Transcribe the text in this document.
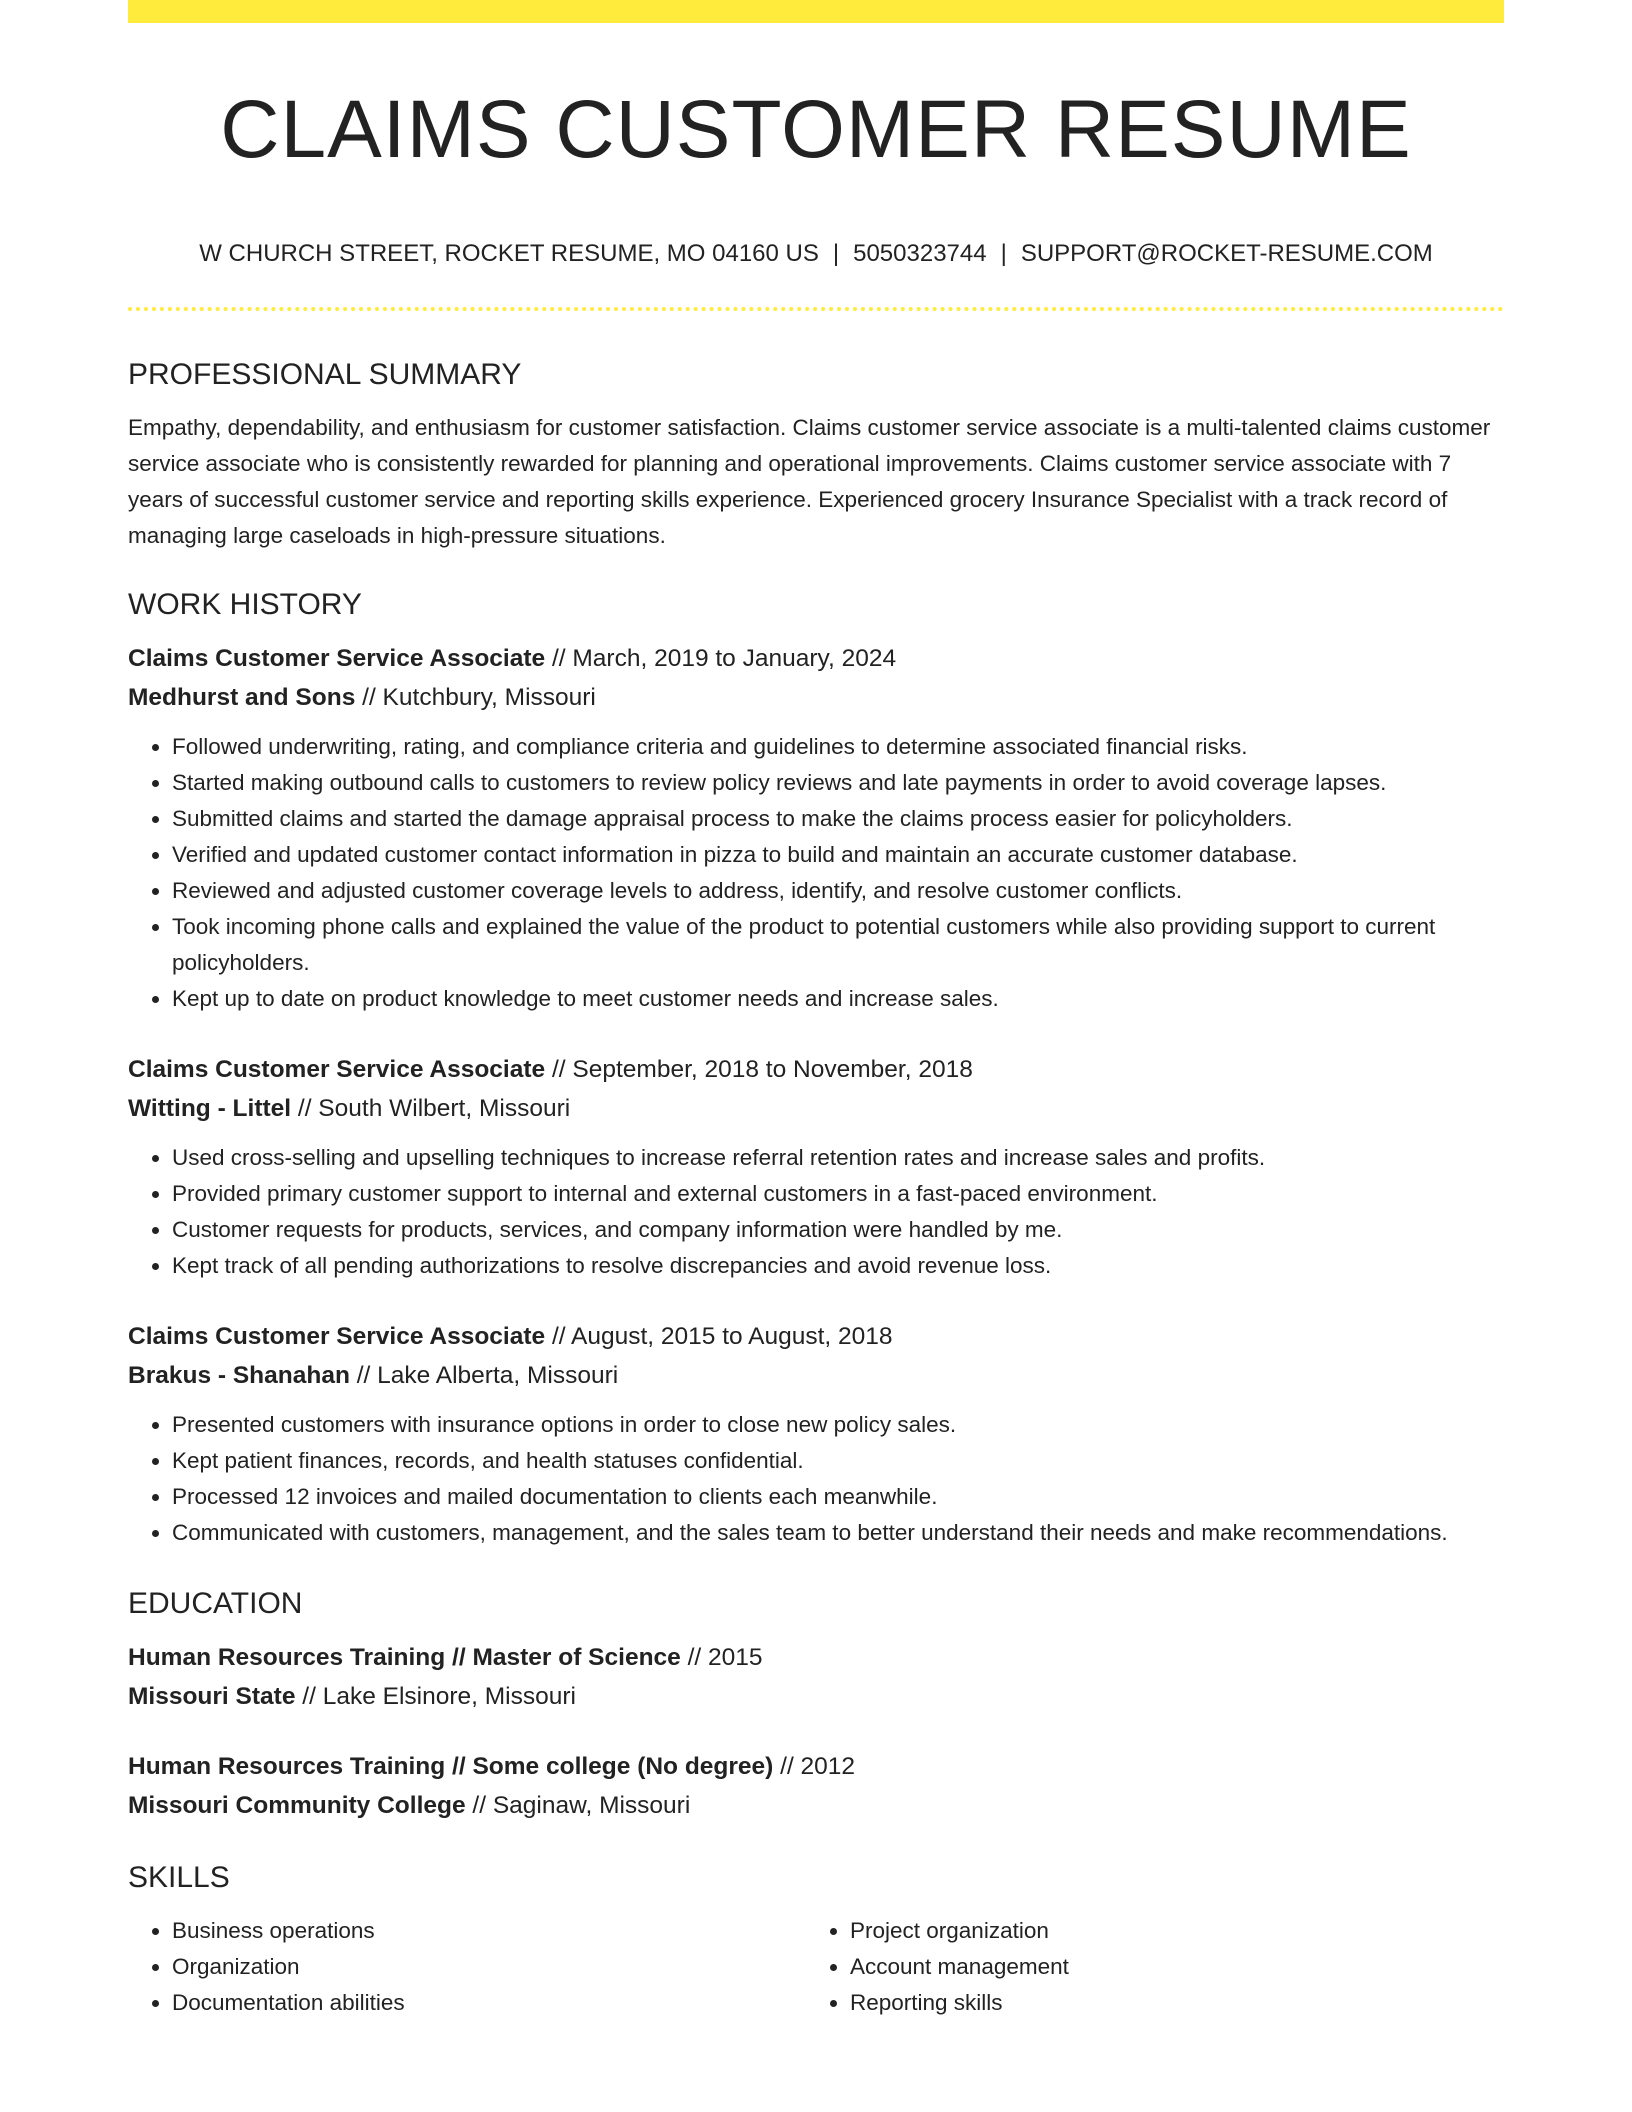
CLAIMS CUSTOMER RESUME
W CHURCH STREET, ROCKET RESUME, MO 04160 US | 5050323744 | SUPPORT@ROCKET-RESUME.COM
PROFESSIONAL SUMMARY

Empathy, dependability, and enthusiasm for customer satisfaction. Claims customer service associate is a multi-talented claims customer service associate who is consistently rewarded for planning and operational improvements. Claims customer service associate with 7 years of successful customer service and reporting skills experience. Experienced grocery Insurance Specialist with a track record of managing large caseloads in high-pressure situations.

WORK HISTORY
Claims Customer Service Associate // March, 2019 to January, 2024
Medhurst and Sons // Kutchbury, Missouri
• Followed underwriting, rating, and compliance criteria and guidelines to determine associated financial risks.
• Started making outbound calls to customers to review policy reviews and late payments in order to avoid coverage lapses.
• Submitted claims and started the damage appraisal process to make the claims process easier for policyholders.
• Verified and updated customer contact information in pizza to build and maintain an accurate customer database.
• Reviewed and adjusted customer coverage levels to address, identify, and resolve customer conflicts.
• Took incoming phone calls and explained the value of the product to potential customers while also providing support to current policyholders.
• Kept up to date on product knowledge to meet customer needs and increase sales.
Claims Customer Service Associate // September, 2018 to November, 2018
Witting - Littel // South Wilbert, Missouri
• Used cross-selling and upselling techniques to increase referral retention rates and increase sales and profits.
• Provided primary customer support to internal and external customers in a fast-paced environment.
• Customer requests for products, services, and company information were handled by me.
• Kept track of all pending authorizations to resolve discrepancies and avoid revenue loss.
Claims Customer Service Associate // August, 2015 to August, 2018
Brakus - Shanahan // Lake Alberta, Missouri
• Presented customers with insurance options in order to close new policy sales.
• Kept patient finances, records, and health statuses confidential.
• Processed 12 invoices and mailed documentation to clients each meanwhile.
• Communicated with customers, management, and the sales team to better understand their needs and make recommendations.
EDUCATION
Human Resources Training // Master of Science // 2015
Missouri State // Lake Elsinore, Missouri
Human Resources Training // Some college (No degree) // 2012
Missouri Community College // Saginaw, Missouri
SKILLS
• Business operations
• Organization
• Documentation abilities
• Project organization
• Account management
• Reporting skills
